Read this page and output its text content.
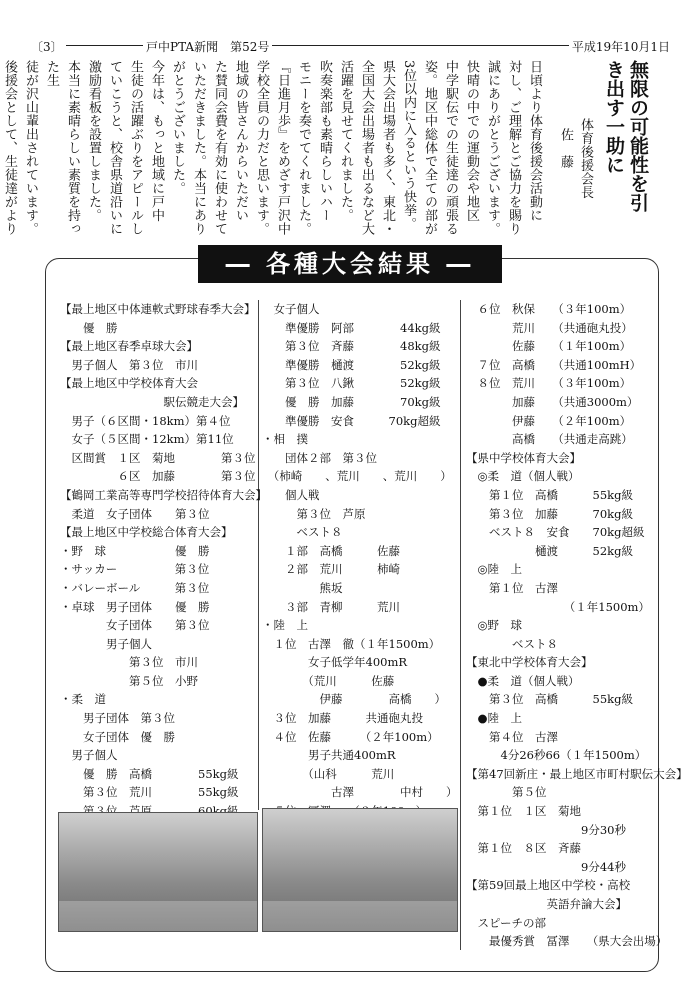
〔3〕	戸中PTA新聞　第52号	平成19年10月1日
無限の可能性を引き出す一助に
体育後援会長
佐　藤
日頃より体育後援会活動に
対し、ご理解とご協力を賜り
誠にありがとうございます。
快晴の中での運動会や地区
中学駅伝での生徒達の頑張る
姿。地区中総体で全ての部が
3位以内に入るという快挙。
県大会出場者も多く、東北・
全国大会出場者も出るなど大
活躍を見せてくれました。
吹奏楽部も素晴らしいハー
モニーを奏でてくれました。
『日進月歩』をめざす戸沢中
学校全員の力だと思います。
地域の皆さんからいただい
た賛同会費を有効に使わせて
いただきました。本当にあり
がとうございました。
今年は、もっと地域に戸中
生徒の活躍ぶりをアピールし
ていこうと、校舎県道沿いに
激励看板を設置しました。
本当に素晴らしい素質を持った生
徒が沢山輩出されています。
後援会として、生徒達がより
― 各種大会結果 ―
【最上地区中体連軟式野球春季大会】
　　優　勝
【最上地区春季卓球大会】
　男子個人　第３位　市川
【最上地区中学校体育大会
　　　　　　　　　駅伝競走大会】
　男子（６区間・18km）第４位
　女子（５区間・12km）第11位
　区間賞　１区　菊地　　　　第３位
　　　　　６区　加藤　　　　第３位
【鶴岡工業高等専門学校招待体育大会】
　柔道　女子団体　　第３位
【最上地区中学校総合体育大会】
・野　球　　　　　　優　勝
・サッカー　　　　　第３位
・バレーボール　　　第３位
・卓球　男子団体　　優　勝
　　　　女子団体　　第３位
　　　　男子個人
　　　　　　第３位　市川
　　　　　　第５位　小野
・柔　道
　　男子団体　第３位
　　女子団体　優　勝
　男子個人
　　優　勝　高橋　　　　55kg級
　　第３位　荒川　　　　55kg級
　女子個人
　　準優勝　阿部　　　　44kg級
　　第３位　斉藤　　　　48kg級
　　準優勝　樋渡　　　　52kg級
　　第３位　八鍬　　　　52kg級
　　優　勝　加藤　　　　70kg級
　　準優勝　安食　　　70kg超級
・相　撲
　　団体２部　第３位
　（柿崎　　、荒川　　、荒川　　）
　　個人戦
　　　第３位　芦原
　　　ベスト８
　　１部　高橋　　　佐藤
　　２部　荒川　　　柿崎
　　　　　熊坂
　　３部　青柳　　　荒川
・陸　上
　１位　古澤　徹（１年1500m）
　　　　女子低学年400mR
　　　　（荒川　　　佐藤
　　　　　伊藤　　　　高橋　　）
　３位　加藤　　　共通砲丸投
　４位　佐藤　　　（２年100m）
　　　　男子共通400mR
　　　　（山科　　　荒川
　　　　　　古澤　　　　中村　　）
　６位　秋保　　（３年100m）
　　　　荒川　　（共通砲丸投）
　　　　佐藤　　（１年100m）
　７位　高橋　　（共通100mH）
　８位　荒川　　（３年100m）
　　　　加藤　　（共通3000m）
　　　　伊藤　　（２年100m）
　　　　高橋　　（共通走高跳）
【県中学校体育大会】
　◎柔　道（個人戦）
　　第１位　高橋　　　55kg級
　　第３位　加藤　　　70kg級
　　ベスト８　安食　　70kg超級
　　　　　　樋渡　　　52kg級
　◎陸　上
　　第１位　古澤
　　　　　　　　　（１年1500m）
　◎野　球
　　　　ベスト８
【東北中学校体育大会】
　●柔　道（個人戦）
　　第３位　高橋　　　55kg級
　●陸　上
　　第４位　古澤
　　　4分26秒66（１年1500m）
【第47回新庄・最上地区市町村駅伝大会】
　　　　第５位
　第１位　１区　菊地
　　　　　　　　　　9分30秒
　第１位　８区　斉藤
　　　　　　　　　　9分44秒
【第59回最上地区中学校・高校
　　　　　　　英語弁論大会】
　スピーチの部
　　最優秀賞　冨澤　　（県大会出場）
